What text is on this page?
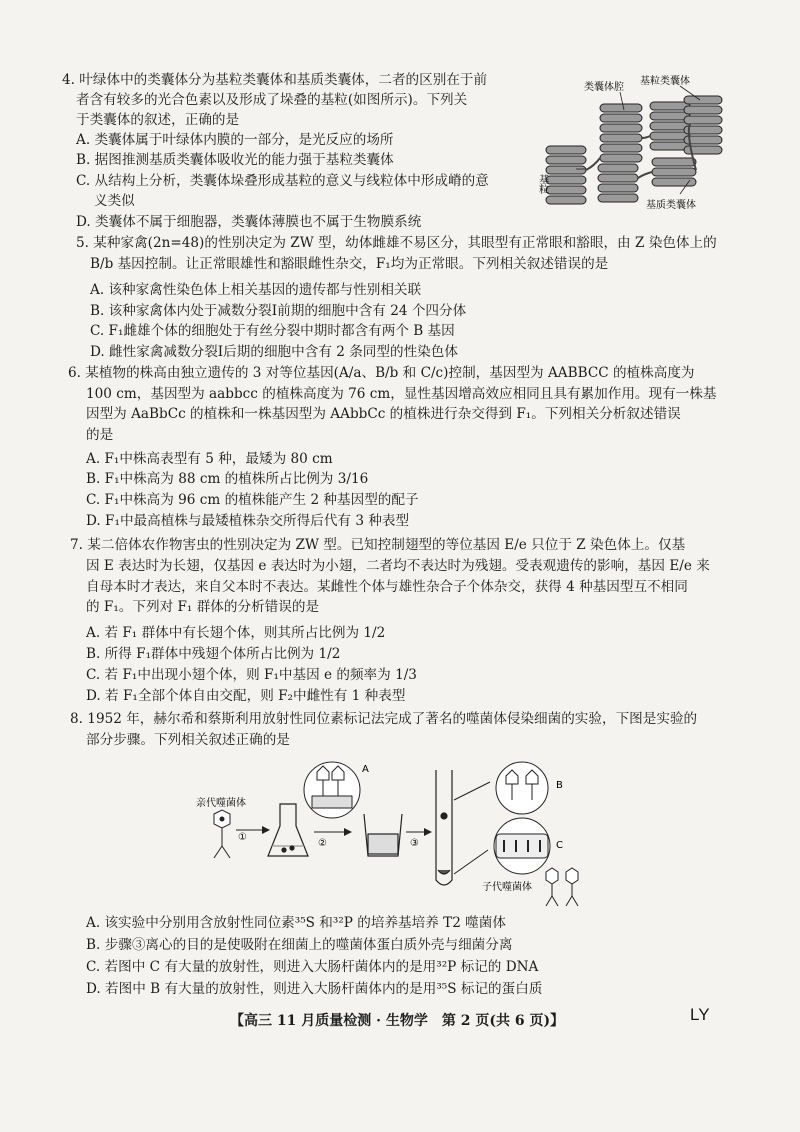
4. 叶绿体中的类囊体分为基粒类囊体和基质类囊体，二者的区别在于前
者含有较多的光合色素以及形成了垛叠的基粒(如图所示)。下列关
于类囊体的叙述，正确的是
A. 类囊体属于叶绿体内膜的一部分，是光反应的场所
B. 据图推测基质类囊体吸收光的能力强于基粒类囊体
C. 从结构上分析，类囊体垛叠形成基粒的意义与线粒体中形成嵴的意
义类似
D. 类囊体不属于细胞器，类囊体薄膜也不属于生物膜系统
类囊体腔
基粒类囊体
基粒
基质类囊体
5. 某种家禽(2n=48)的性别决定为 ZW 型，幼体雌雄不易区分，其眼型有正常眼和豁眼，由 Z 染色体上的
B/b 基因控制。让正常眼雄性和豁眼雌性杂交，F₁均为正常眼。下列相关叙述错误的是
A. 该种家禽性染色体上相关基因的遗传都与性别相关联
B. 该种家禽体内处于减数分裂Ⅰ前期的细胞中含有 24 个四分体
C. F₁雌雄个体的细胞处于有丝分裂中期时都含有两个 B 基因
D. 雌性家禽减数分裂Ⅰ后期的细胞中含有 2 条同型的性染色体
6. 某植物的株高由独立遗传的 3 对等位基因(A/a、B/b 和 C/c)控制，基因型为 AABBCC 的植株高度为
100 cm，基因型为 aabbcc 的植株高度为 76 cm，显性基因增高效应相同且具有累加作用。现有一株基
因型为 AaBbCc 的植株和一株基因型为 AAbbCc 的植株进行杂交得到 F₁。下列相关分析叙述错误
的是
A. F₁中株高表型有 5 种，最矮为 80 cm
B. F₁中株高为 88 cm 的植株所占比例为 3/16
C. F₁中株高为 96 cm 的植株能产生 2 种基因型的配子
D. F₁中最高植株与最矮植株杂交所得后代有 3 种表型
7. 某二倍体农作物害虫的性别决定为 ZW 型。已知控制翅型的等位基因 E/e 只位于 Z 染色体上。仅基
因 E 表达时为长翅，仅基因 e 表达时为小翅，二者均不表达时为残翅。受表观遗传的影响，基因 E/e 来
自母本时才表达，来自父本时不表达。某雌性个体与雄性杂合子个体杂交，获得 4 种基因型互不相同
的 F₁。下列对 F₁ 群体的分析错误的是
A. 若 F₁ 群体中有长翅个体，则其所占比例为 1/2
B. 所得 F₁群体中残翅个体所占比例为 1/2
C. 若 F₁中出现小翅个体，则 F₁中基因 e 的频率为 1/3
D. 若 F₁全部个体自由交配，则 F₂中雌性有 1 种表型
8. 1952 年，赫尔希和蔡斯利用放射性同位素标记法完成了著名的噬菌体侵染细菌的实验，下图是实验的
部分步骤。下列相关叙述正确的是
亲代噬菌体
①
A
②	③
B
C
子代噬菌体
A. 该实验中分别用含放射性同位素³⁵S 和³²P 的培养基培养 T2 噬菌体
B. 步骤③离心的目的是使吸附在细菌上的噬菌体蛋白质外壳与细菌分离
C. 若图中 C 有大量的放射性，则进入大肠杆菌体内的是用³²P 标记的 DNA
D. 若图中 B 有大量的放射性，则进入大肠杆菌体内的是用³⁵S 标记的蛋白质
【高三 11 月质量检测 · 生物学　第 2 页(共 6 页)】	LY
